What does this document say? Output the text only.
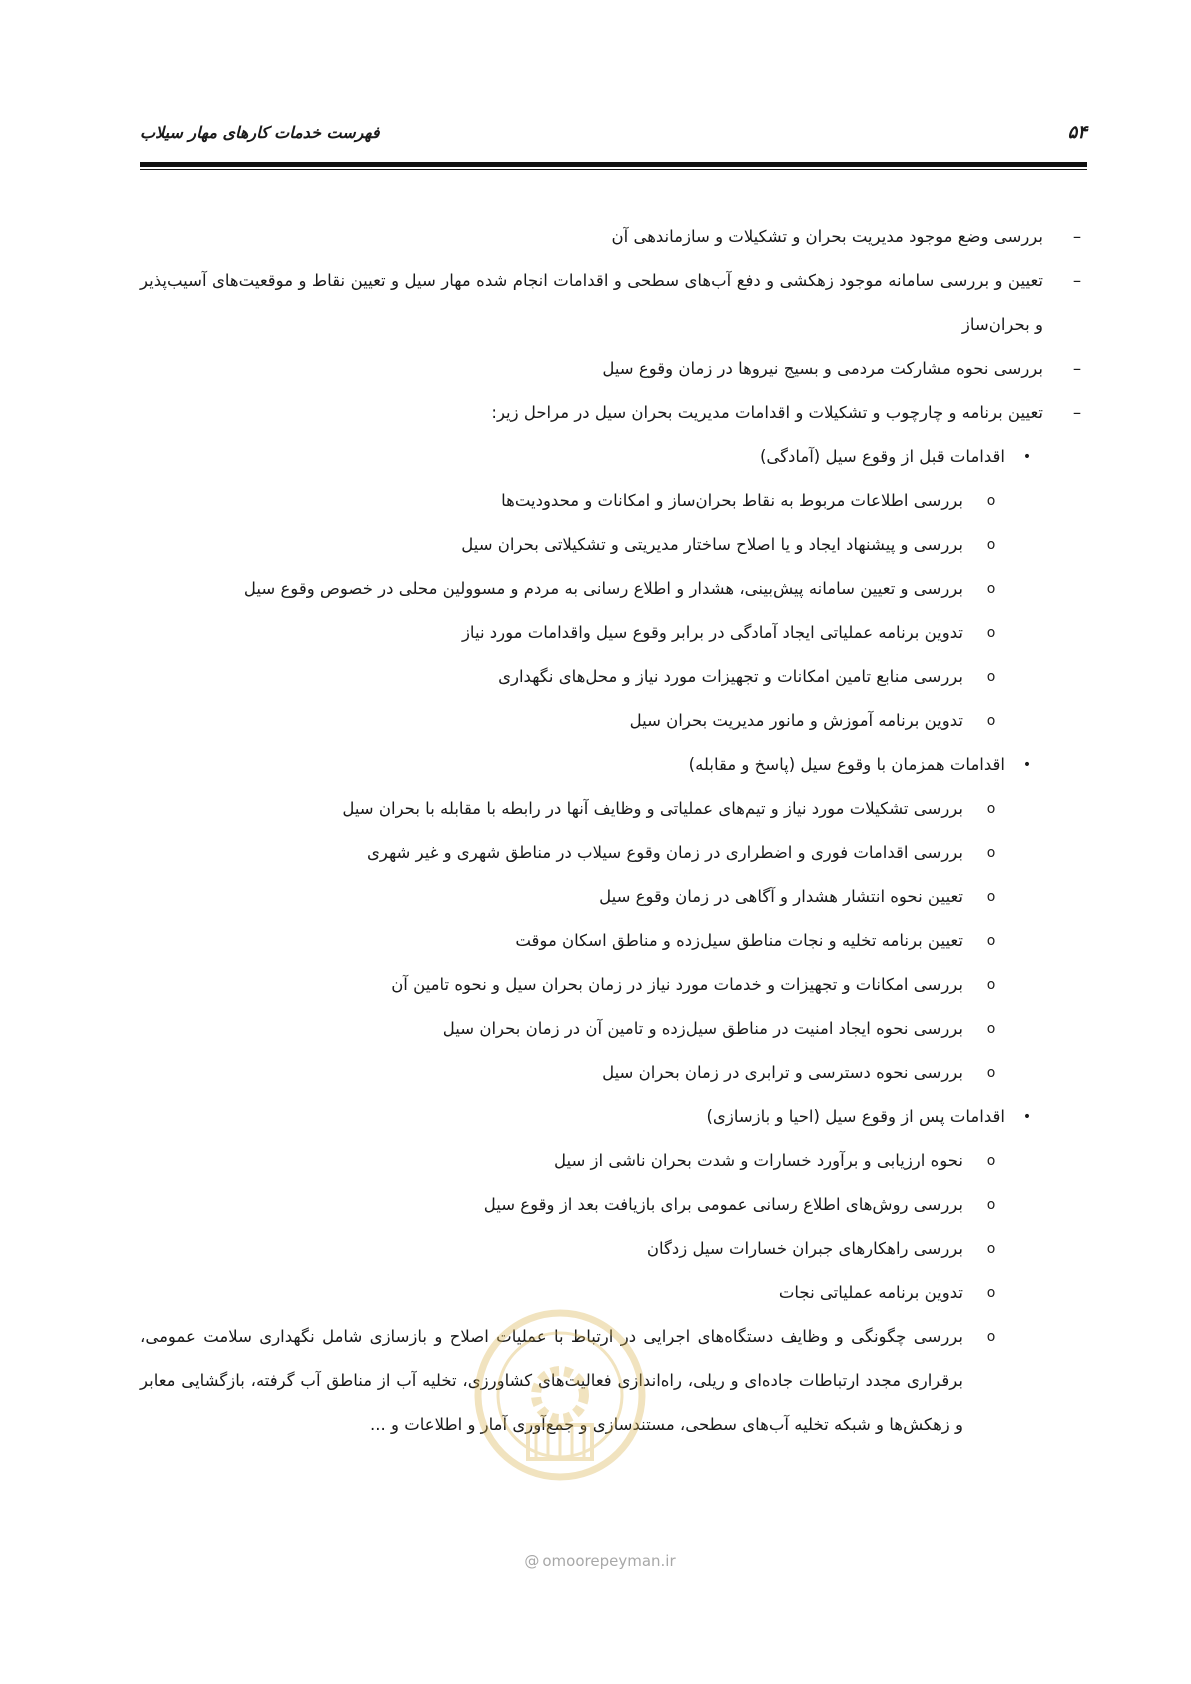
۵۴
فهرست خدمات کارهای مهار سیلاب
–
بررسی وضع موجود مدیریت بحران و تشکیلات و سازماندهی آن
–
تعیین و بررسی سامانه موجود زهکشی و دفع آب‌های سطحی و اقدامات انجام شده مهار سیل و تعیین نقاط و موقعیت‌های آسیب‌پذیر و بحران‌ساز
–
بررسی نحوه مشارکت مردمی و بسیج نیروها در زمان وقوع سیل
–
تعیین برنامه و چارچوب و تشکیلات و اقدامات مدیریت بحران سیل در مراحل زیر:
•
اقدامات قبل از وقوع سیل (آمادگی)
o
بررسی اطلاعات مربوط به نقاط بحران‌ساز و امکانات و محدودیت‌ها
o
بررسی و پیشنهاد ایجاد و یا اصلاح ساختار مدیریتی و تشکیلاتی بحران سیل
o
بررسی و تعیین سامانه پیش‌بینی، هشدار و اطلاع رسانی به مردم و مسوولین محلی در خصوص وقوع سیل
o
تدوین برنامه عملیاتی ایجاد آمادگی در برابر وقوع سیل واقدامات مورد نیاز
o
بررسی منابع تامین امکانات و تجهیزات مورد نیاز و محل‌های نگهداری
o
تدوین برنامه آموزش و مانور مدیریت بحران سیل
•
اقدامات همزمان با وقوع سیل (پاسخ و مقابله)
o
بررسی تشکیلات مورد نیاز و تیم‌های عملیاتی و وظایف آنها در رابطه با مقابله با بحران سیل
o
بررسی اقدامات فوری و اضطراری در زمان وقوع سیلاب در مناطق شهری و غیر شهری
o
تعیین نحوه انتشار هشدار و آگاهی در زمان وقوع سیل
o
تعیین برنامه تخلیه و نجات مناطق سیل‌زده و مناطق اسکان موقت
o
بررسی امکانات و تجهیزات و خدمات مورد نیاز در زمان بحران سیل و نحوه تامین آن
o
بررسی نحوه ایجاد امنیت در مناطق سیل‌زده و تامین آن در زمان بحران سیل
o
بررسی نحوه دسترسی و ترابری در زمان بحران سیل
•
اقدامات پس از وقوع سیل (احیا و بازسازی)
o
نحوه ارزیابی و برآورد خسارات و شدت بحران ناشی از سیل
o
بررسی روش‌های اطلاع رسانی عمومی برای بازیافت بعد از وقوع سیل
o
بررسی راهکارهای جبران خسارات سیل زدگان
o
تدوین برنامه عملیاتی نجات
o
بررسی چگونگی و وظایف دستگاه‌های اجرایی در ارتباط با عملیات اصلاح و بازسازی شامل نگهداری سلامت عمومی، برقراری مجدد ارتباطات جاده‌ای و ریلی، راه‌اندازی فعالیت‌های کشاورزی، تخلیه آب از مناطق آب گرفته، بازگشایی معابر و زهکش‌ها و شبکه تخلیه آب‌های سطحی، مستندسازی و جمع‌آوری آمار و اطلاعات و ...
@ omoorepeyman.ir
